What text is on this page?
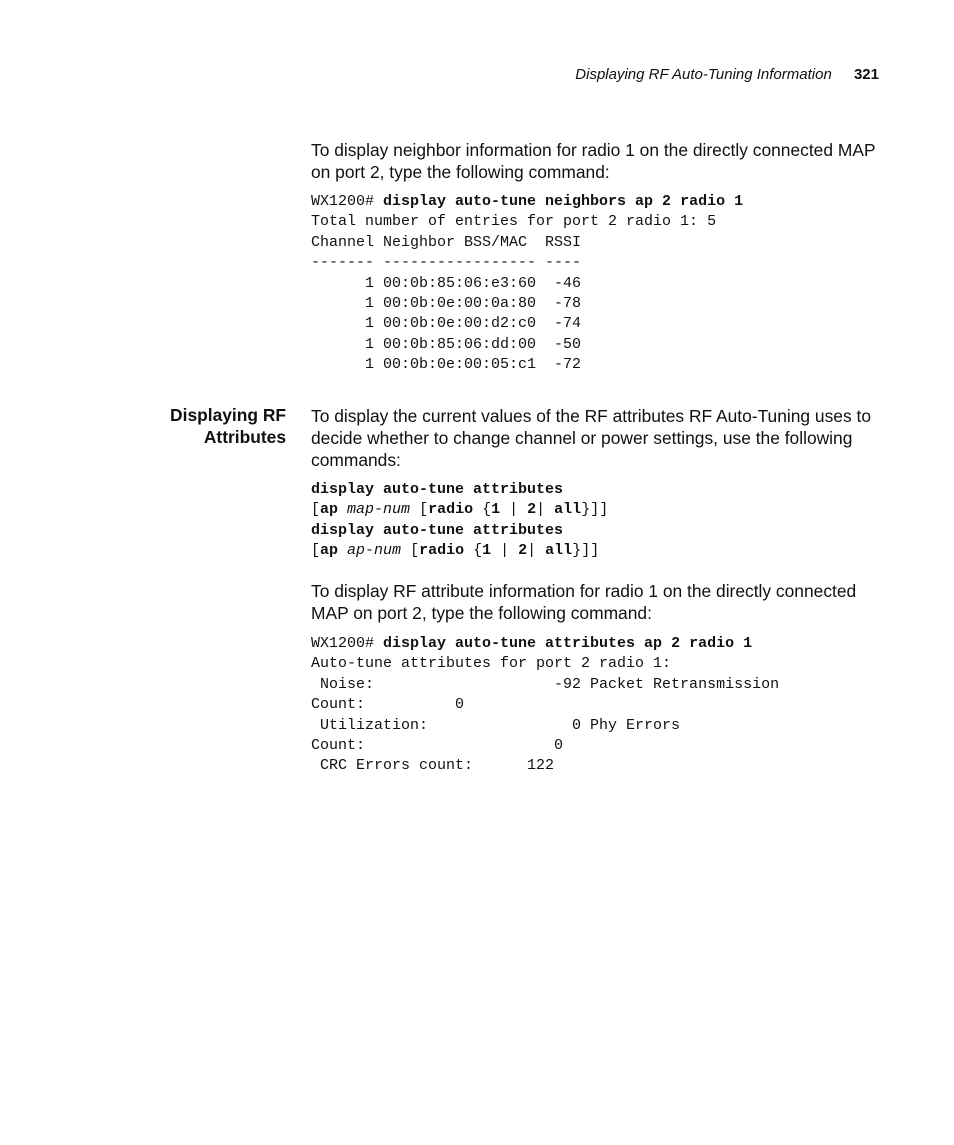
Displaying RF Auto-Tuning Information 321

To display neighbor information for radio 1 on the directly connected MAP on port 2, type the following command:

WX1200# display auto-tune neighbors ap 2 radio 1
Total number of entries for port 2 radio 1: 5
Channel Neighbor BSS/MAC  RSSI
------- ----------------- ----
1 00:0b:85:06:e3:60  -46
1 00:0b:0e:00:0a:80  -78
1 00:0b:0e:00:d2:c0  -74
1 00:0b:85:06:dd:00  -50
1 00:0b:0e:00:05:c1  -72
Displaying RF
Attributes

To display the current values of the RF attributes RF Auto-Tuning uses to decide whether to change channel or power settings, use the following commands:

display auto-tune attributes
[ap map-num [radio {1 | 2| all}]]
display auto-tune attributes
[ap ap-num [radio {1 | 2| all}]]

To display RF attribute information for radio 1 on the directly connected MAP on port 2, type the following command:

WX1200# display auto-tune attributes ap 2 radio 1
Auto-tune attributes for port 2 radio 1:
Noise:                    -92 Packet Retransmission
Count:          0
Utilization:                0 Phy Errors
Count:                     0
CRC Errors count:      122
